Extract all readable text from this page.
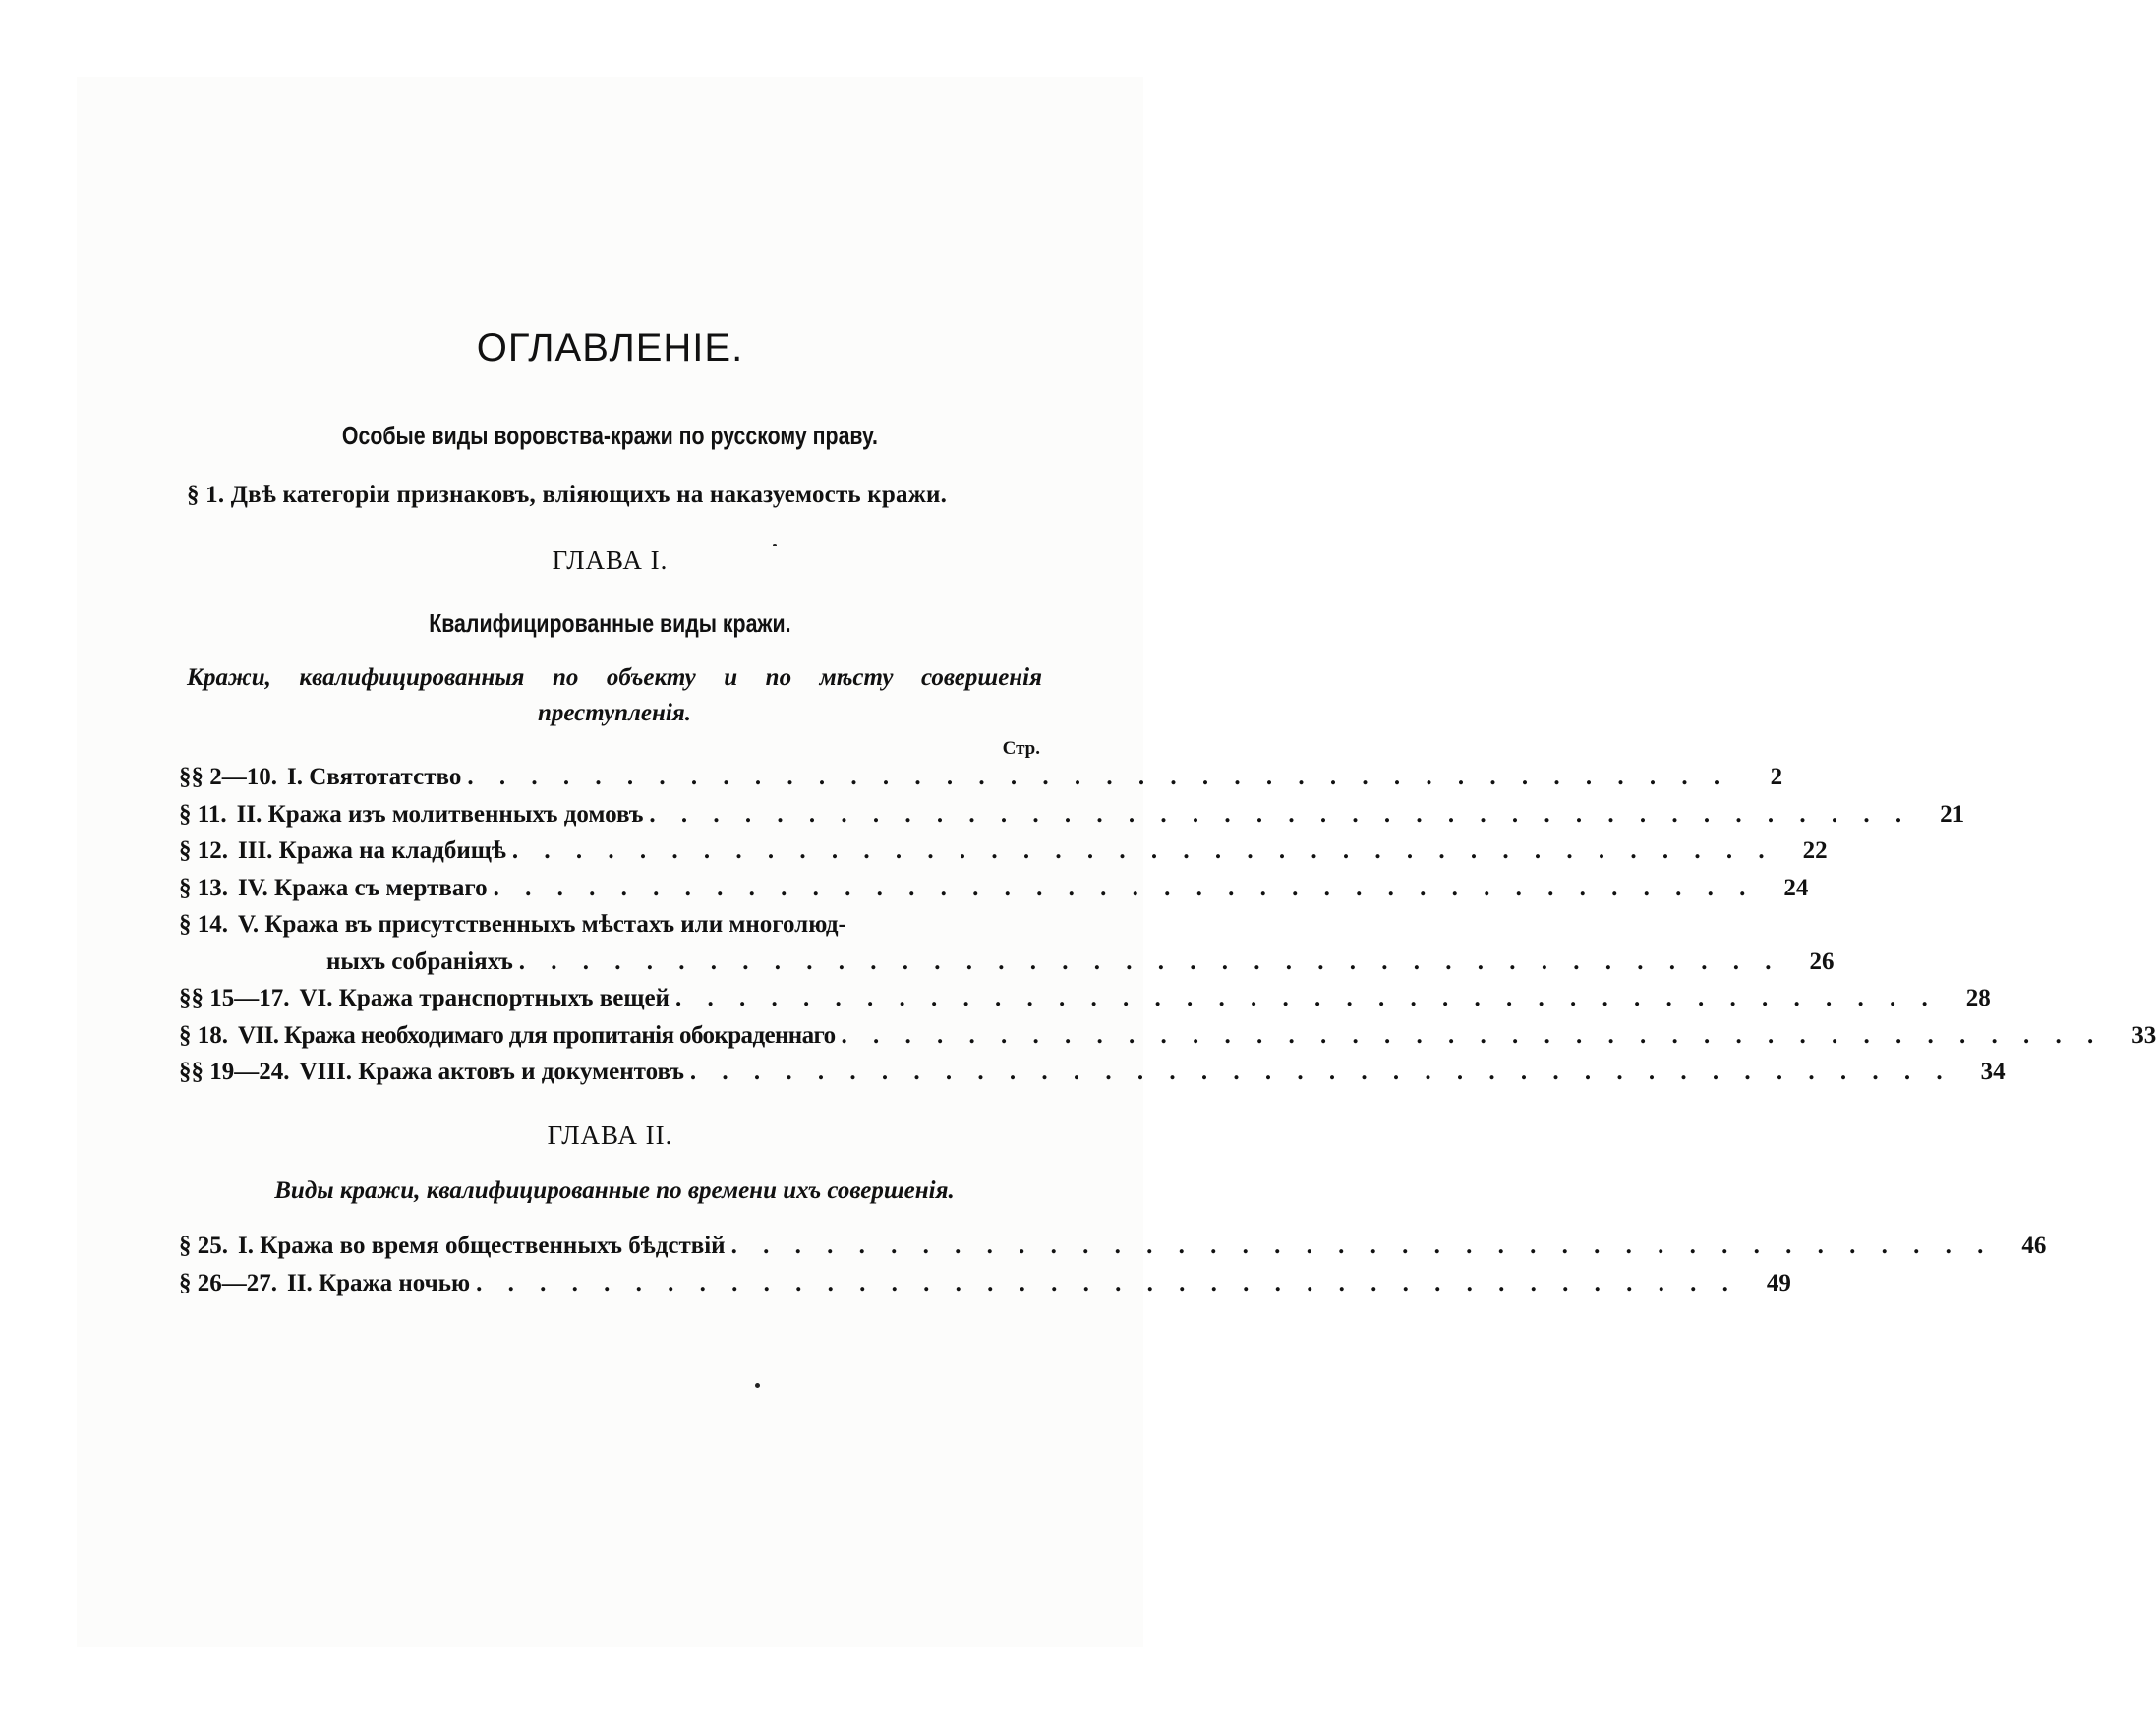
ОГЛАВЛЕНІЕ.
Особые виды воровства-кражи по русскому праву.
§ 1. Двѣ категоріи признаковъ, вліяющихъ на наказуемость кражи.
ГЛАВА I.
Квалифицированные виды кражи.
Кражи, квалифицированныя по объекту и по мѣсту совершенія
преступленія.
Стр.
§§ 2—10. I. Святотатство . . . . . . . . . . . . . . . . . . . . . . . . . . . . . . . . . . . . . . . .	2
§ 11. II. Кража изъ молитвенныхъ домовъ . . . . . . . . . . . . . . . . . . . . . . . . . . . . . . . . . . . . . . . .	21
§ 12. III. Кража на кладбищѣ . . . . . . . . . . . . . . . . . . . . . . . . . . . . . . . . . . . . . . . .	22
§ 13. IV. Кража съ мертваго . . . . . . . . . . . . . . . . . . . . . . . . . . . . . . . . . . . . . . . .	24
§ 14. V. Кража въ присутственныхъ мѣстахъ или многолюд-
ныхъ собраніяхъ . . . . . . . . . . . . . . . . . . . . . . . . . . . . . . . . . . . . . . . .	26
§§ 15—17. VI. Кража транспортныхъ вещей . . . . . . . . . . . . . . . . . . . . . . . . . . . . . . . . . . . . . . . .	28
§ 18. VII. Кража необходимаго для пропитанія обокраденнаго . . . . . . . . . . . . . . . . . . . . . . . . . . . . . . . . . . . . . . . .	33
§§ 19—24. VIII. Кража актовъ и документовъ . . . . . . . . . . . . . . . . . . . . . . . . . . . . . . . . . . . . . . . .	34
ГЛАВА II.
Виды кражи, квалифицированные по времени ихъ совершенія.
§ 25. I. Кража во время общественныхъ бѣдствій . . . . . . . . . . . . . . . . . . . . . . . . . . . . . . . . . . . . . . . .	46
§ 26—27. II. Кража ночью . . . . . . . . . . . . . . . . . . . . . . . . . . . . . . . . . . . . . . . .	49
